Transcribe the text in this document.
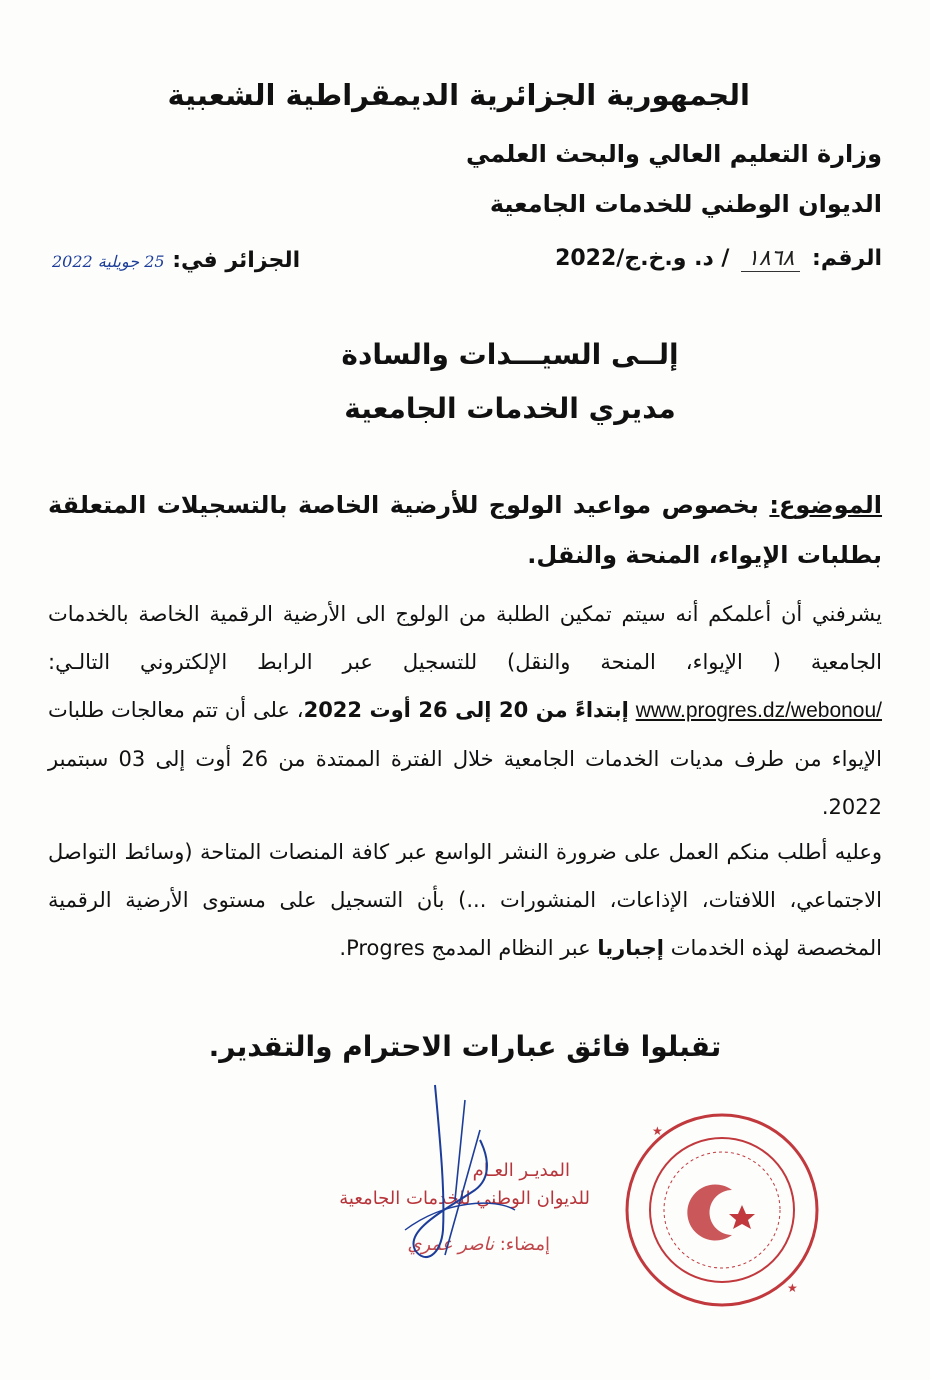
الجمهورية الجزائرية الديمقراطية الشعبية
وزارة التعليم العالي والبحث العلمي
الديوان الوطني للخدمات الجامعية
الرقم: ١٨٦٨ / د. و.خ.ج/2022
الجزائر في: 25 جويلية 2022
إلــى السيـــدات والسادة
مديري الخدمات الجامعية
الموضوع: بخصوص مواعيد الولوج للأرضية الخاصة بالتسجيلات المتعلقة بطلبات الإيواء، المنحة والنقل.
يشرفني أن أعلمكم أنه سيتم تمكين الطلبة من الولوج الى الأرضية الرقمية الخاصة بالخدمات الجامعية ( الإيواء، المنحة والنقل) للتسجيل عبر الرابط الإلكتروني التالـي: www.progres.dz/webonou/ إبتداءً من 20 إلى 26 أوت 2022، على أن تتم معالجات طلبات الإيواء من طرف مديات الخدمات الجامعية خلال الفترة الممتدة من 26 أوت إلى 03 سبتمبر 2022.
وعليه أطلب منكم العمل على ضرورة النشر الواسع عبر كافة المنصات المتاحة (وسائط التواصل الاجتماعي، اللافتات، الإذاعات، المنشورات ...) بأن التسجيل على مستوى الأرضية الرقمية المخصصة لهذه الخدمات إجباريا عبر النظام المدمج Progres.
تقبلوا فائق عبارات الاحترام والتقدير.
المديـر العـام
للديوان الوطني للخدمات الجامعية
إمضاء: ناصر عمري
★
★
